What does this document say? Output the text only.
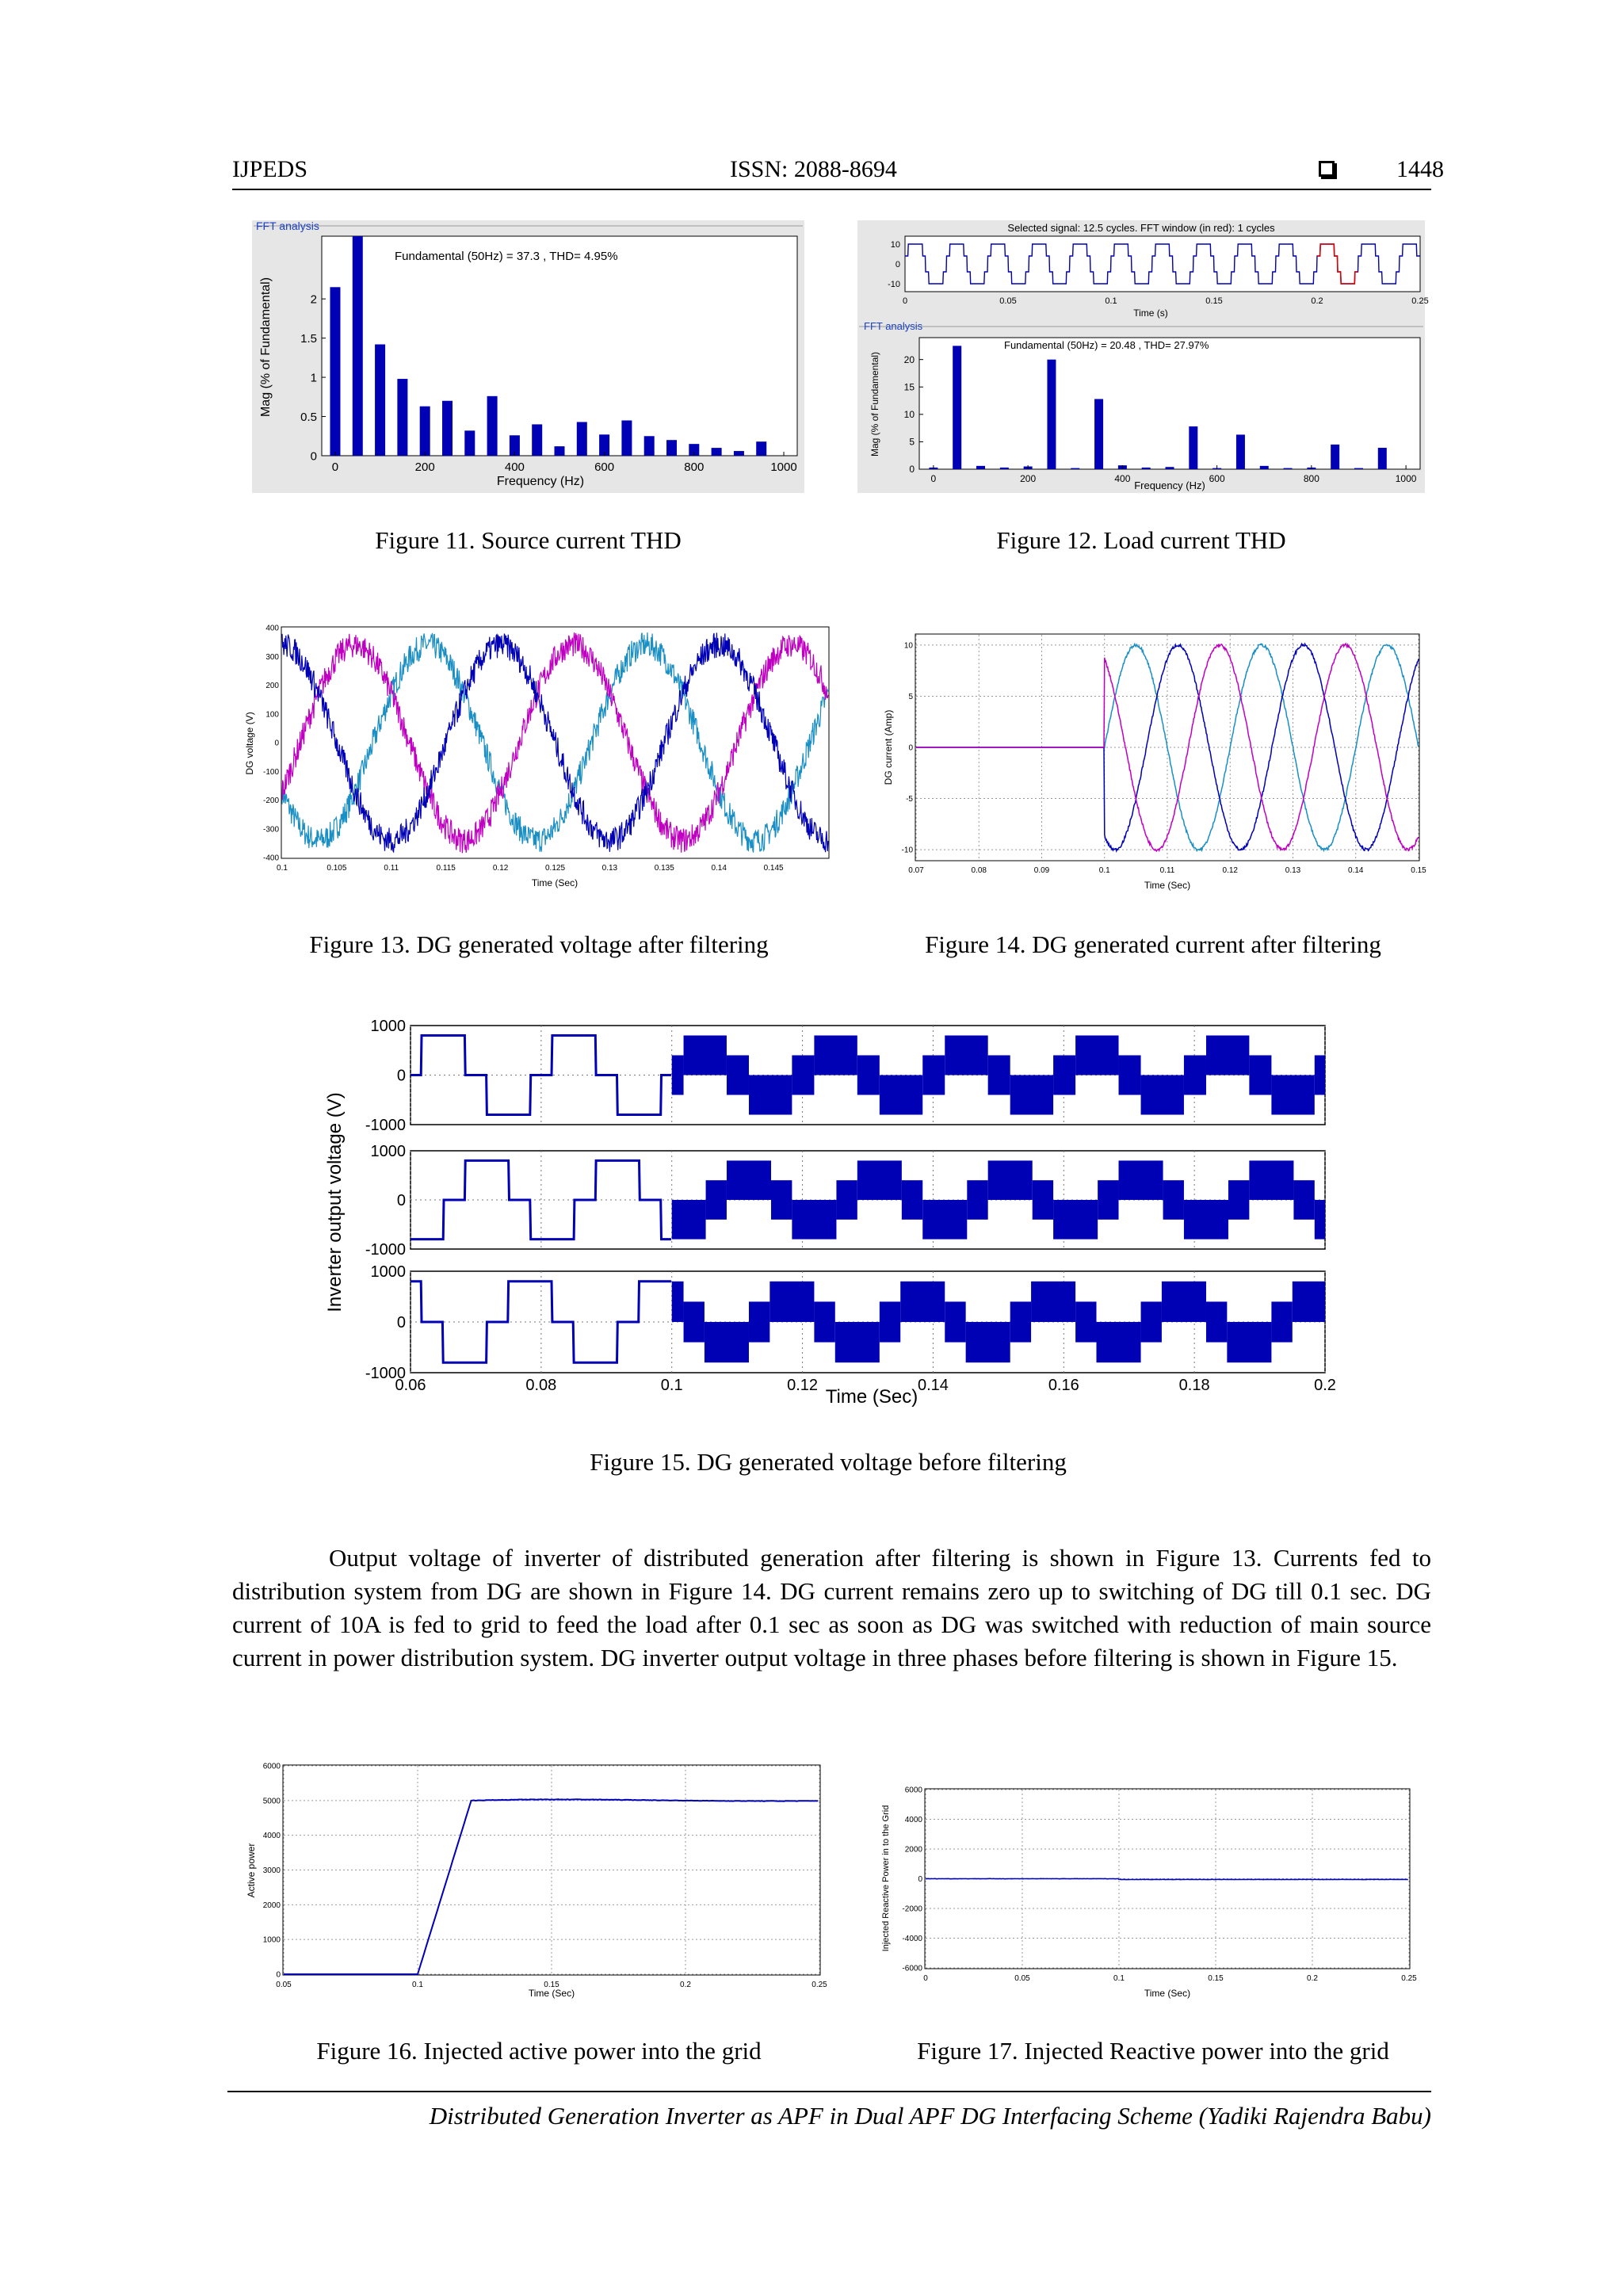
IJPEDS	ISSN: 2088-8694	1448
FFT analysis
Fundamental (50Hz) = 37.3 , THD= 4.95%
0	200	400	600	800	1000
0
0.5
1
1.5
2
Frequency (Hz)
Mag (% of Fundamental)
Figure 11. Source current THD
Selected signal: 12.5 cycles. FFT window (in red): 1 cycles
0	0.05	0.1	0.15	0.2	0.25
10
0
-10
Time (s)
FFT analysis
Fundamental (50Hz) = 20.48 , THD= 27.97%
0	200	400	600	800	1000
0
5
10
15
20
Frequency (Hz)
Mag (% of Fundamental)
Figure 12. Load current THD
0.1	0.105	0.11	0.115	0.12	0.125	0.13	0.135	0.14	0.145
400
300
200
100
0
-100
-200
-300
-400
Time (Sec)
DG voltage (V)
Figure 13. DG generated voltage after filtering
0.07	0.08	0.09	0.1	0.11	0.12	0.13	0.14	0.15
10
5
0
-5
-10
Time (Sec)
DG current (Amp)
Figure 14. DG generated current after filtering
1000
0
-1000
1000
0
-1000
1000
0
-1000
0.06	0.08	0.1	0.12	0.14	0.16	0.18	0.2
Time (Sec)
Inverter output voltage (V)
Figure 15. DG generated voltage before filtering
Output voltage of inverter of distributed generation after filtering is shown in Figure 13. Currents fed to distribution system from DG are shown in Figure 14. DG current remains zero up to switching of DG till 0.1 sec. DG current of 10A is fed to grid to feed the load after 0.1 sec as soon as DG was switched with reduction of main source current in power distribution system. DG inverter output voltage in three phases before filtering is shown in Figure 15.
0.05	0.1	0.15	0.2	0.25
6000
5000
4000
3000
2000
1000
0
Time (Sec)
Active power
Figure 16. Injected active power into the grid
0	0.05	0.1	0.15	0.2	0.25
6000
4000
2000
0
-2000
-4000
-6000
Time (Sec)
Injected Reactive Power in to the Grid
Figure 17. Injected Reactive power into the grid
Distributed Generation Inverter as APF in Dual APF DG Interfacing Scheme (Yadiki Rajendra Babu)
